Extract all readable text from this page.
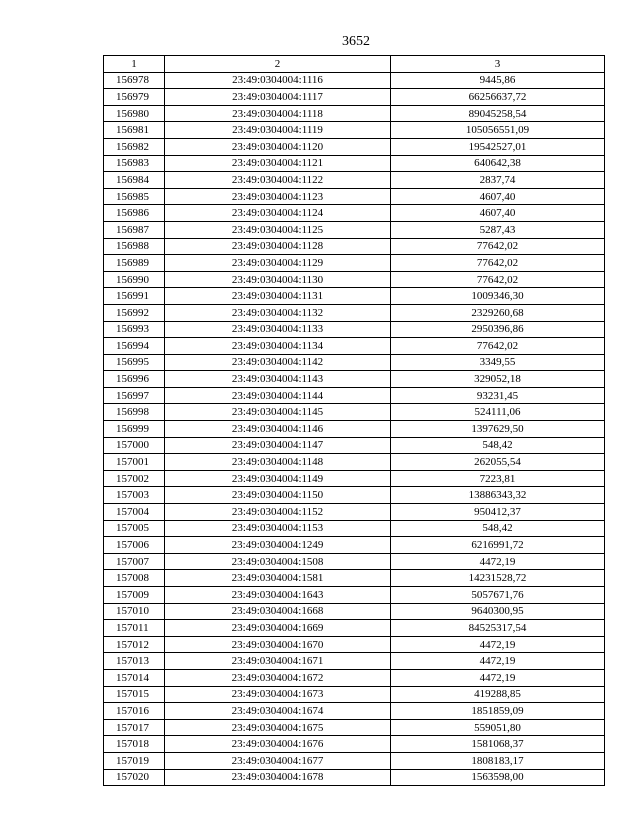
3652
1	2	3
156978	23:49:0304004:1116	9445,86
156979	23:49:0304004:1117	66256637,72
156980	23:49:0304004:1118	89045258,54
156981	23:49:0304004:1119	105056551,09
156982	23:49:0304004:1120	19542527,01
156983	23:49:0304004:1121	640642,38
156984	23:49:0304004:1122	2837,74
156985	23:49:0304004:1123	4607,40
156986	23:49:0304004:1124	4607,40
156987	23:49:0304004:1125	5287,43
156988	23:49:0304004:1128	77642,02
156989	23:49:0304004:1129	77642,02
156990	23:49:0304004:1130	77642,02
156991	23:49:0304004:1131	1009346,30
156992	23:49:0304004:1132	2329260,68
156993	23:49:0304004:1133	2950396,86
156994	23:49:0304004:1134	77642,02
156995	23:49:0304004:1142	3349,55
156996	23:49:0304004:1143	329052,18
156997	23:49:0304004:1144	93231,45
156998	23:49:0304004:1145	524111,06
156999	23:49:0304004:1146	1397629,50
157000	23:49:0304004:1147	548,42
157001	23:49:0304004:1148	262055,54
157002	23:49:0304004:1149	7223,81
157003	23:49:0304004:1150	13886343,32
157004	23:49:0304004:1152	950412,37
157005	23:49:0304004:1153	548,42
157006	23:49:0304004:1249	6216991,72
157007	23:49:0304004:1508	4472,19
157008	23:49:0304004:1581	14231528,72
157009	23:49:0304004:1643	5057671,76
157010	23:49:0304004:1668	9640300,95
157011	23:49:0304004:1669	84525317,54
157012	23:49:0304004:1670	4472,19
157013	23:49:0304004:1671	4472,19
157014	23:49:0304004:1672	4472,19
157015	23:49:0304004:1673	419288,85
157016	23:49:0304004:1674	1851859,09
157017	23:49:0304004:1675	559051,80
157018	23:49:0304004:1676	1581068,37
157019	23:49:0304004:1677	1808183,17
157020	23:49:0304004:1678	1563598,00
